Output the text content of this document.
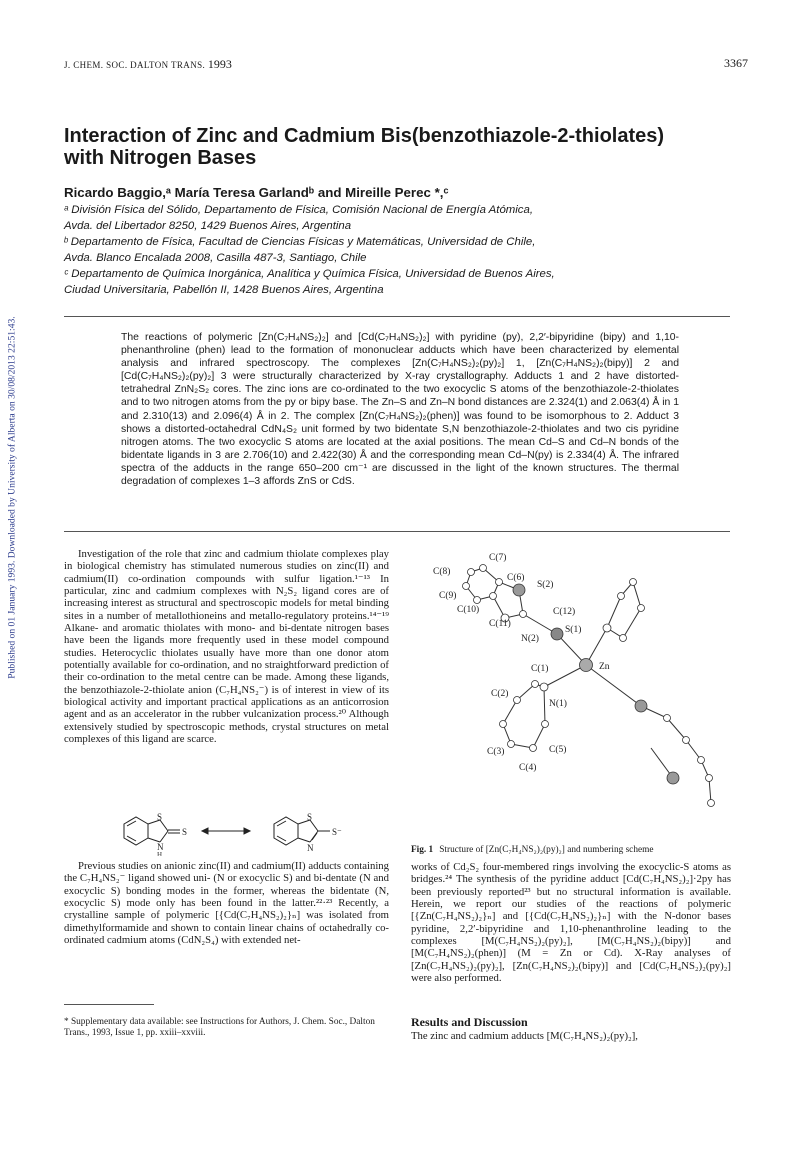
J. CHEM. SOC. DALTON TRANS. 1993	3367
Published on 01 January 1993. Downloaded by University of Alberta on 30/08/2013 22:51:43.
Interaction of Zinc and Cadmium Bis(benzothiazole-2-thiolates) with Nitrogen Bases
Ricardo Baggio,ᵃ María Teresa Garlandᵇ and Mireille Perec *,ᶜ
ᵃ División Física del Sólido, Departamento de Física, Comisión Nacional de Energía Atómica,
Avda. del Libertador 8250, 1429 Buenos Aires, Argentina
ᵇ Departamento de Física, Facultad de Ciencias Físicas y Matemáticas, Universidad de Chile,
Avda. Blanco Encalada 2008, Casilla 487-3, Santiago, Chile
ᶜ Departamento de Química Inorgánica, Analítica y Química Física, Universidad de Buenos Aires,
Ciudad Universitaria, Pabellón II, 1428 Buenos Aires, Argentina

The reactions of polymeric [Zn(C₇H₄NS₂)₂] and [Cd(C₇H₄NS₂)₂] with pyridine (py), 2,2′-bipyridine (bipy) and 1,10-phenanthroline (phen) lead to the formation of mononuclear adducts which have been characterized by elemental analysis and infrared spectroscopy. The complexes [Zn(C₇H₄NS₂)₂(py)₂] 1, [Zn(C₇H₄NS₂)₂(bipy)] 2 and [Cd(C₇H₄NS₂)₂(py)₂] 3 were structurally characterized by X-ray crystallography. Adducts 1 and 2 have distorted-tetrahedral ZnN₂S₂ cores. The zinc ions are co-ordinated to the two exocyclic S atoms of the benzothiazole-2-thiolates and to two nitrogen atoms from the py or bipy base. The Zn–S and Zn–N bond distances are 2.324(1) and 2.063(4) Å in 1 and 2.310(13) and 2.096(4) Å in 2. The complex [Zn(C₇H₄NS₂)₂(phen)] was found to be isomorphous to 2. Adduct 3 shows a distorted-octahedral CdN₄S₂ unit formed by two bidentate S,N benzothiazole-2-thiolates and two cis pyridine nitrogen atoms. The two exocyclic S atoms are located at the axial positions. The mean Cd–S and Cd–N bonds of the bidentate ligands in 3 are 2.706(10) and 2.422(30) Å and the corresponding mean Cd–N(py) is 2.334(4) Å. The infrared spectra of the adducts in the range 650–200 cm⁻¹ are discussed in the light of the known structures. The thermal degradation of complexes 1–3 affords ZnS or CdS.

Investigation of the role that zinc and cadmium thiolate complexes play in biological chemistry has stimulated numerous studies on zinc(II) and cadmium(II) co-ordination compounds with sulfur ligation.¹⁻¹³ In particular, zinc and cadmium complexes with N₂S₂ ligand cores are of increasing interest as structural and spectroscopic models for metal binding sites in a number of metallothioneins and metallo-regulatory proteins.¹⁴⁻¹⁹ Alkane- and aromatic thiolates with mono- and bi-dentate nitrogen bases have been the ligands more frequently used in these model compound studies. Heterocyclic thiolates usually have more than one donor atom potentially available for co-ordination, and no straightforward prediction of their co-ordination to the metal centre can be made. Among these ligands, the benzothiazole-2-thiolate anion (C₇H₄NS₂⁻) is of interest in view of its biological activity and important practical applications as an anticorrosion agent and as an accelerator in the rubber vulcanization process.²⁰ Although extensively studied by spectroscopic methods, crystal structures on metal complexes of this ligand are scarce.

S
S
N
H
S
S⁻
N

Previous studies on anionic zinc(II) and cadmium(II) adducts containing the C₇H₄NS₂⁻ ligand showed uni- (N or exocyclic S) and bi-dentate (N and exocyclic S) bonding modes in the former, whereas the bidentate (N, exocyclic S) mode only has been found in the latter.²²·²³ Recently, a crystalline sample of polymeric [{Cd(C₇H₄NS₂)₂}ₙ] was isolated from dimethylformamide and shown to contain linear chains of octahedrally co-ordinated cadmium atoms (CdN₂S₄) with extended net-

C(7)
C(8)
C(6)
S(2)
C(9)
C(10)	C(12)
C(11)
S(1)
N(2)
Zn
C(1)
C(2)
N(1)
C(3)	C(5)
C(4)
Fig. 1 Structure of [Zn(C₇H₄NS₂)₂(py)₂] and numbering scheme

works of Cd₂S₂ four-membered rings involving the exocyclic-S atoms as bridges.²⁴ The synthesis of the pyridine adduct [Cd(C₇H₄NS₂)₂]·2py has been previously reported²³ but no structural information is available. Herein, we report our studies of the reactions of polymeric [{Zn(C₇H₄NS₂)₂}ₙ] and [{Cd(C₇H₄NS₂)₂}ₙ] with the N-donor bases pyridine, 2,2′-bipyridine and 1,10-phenanthroline leading to the complexes [M(C₇H₄NS₂)₂(py)₂], [M(C₇H₄NS₂)₂(bipy)] and [M(C₇H₄NS₂)₂(phen)] (M = Zn or Cd). X-Ray analyses of [Zn(C₇H₄NS₂)₂(py)₂], [Zn(C₇H₄NS₂)₂(bipy)] and [Cd(C₇H₄NS₂)₂(py)₂] were also performed.

* Supplementary data available: see Instructions for Authors, J. Chem. Soc., Dalton Trans., 1993, Issue 1, pp. xxiii–xxviii.

Results and Discussion

The zinc and cadmium adducts [M(C₇H₄NS₂)₂(py)₂],
